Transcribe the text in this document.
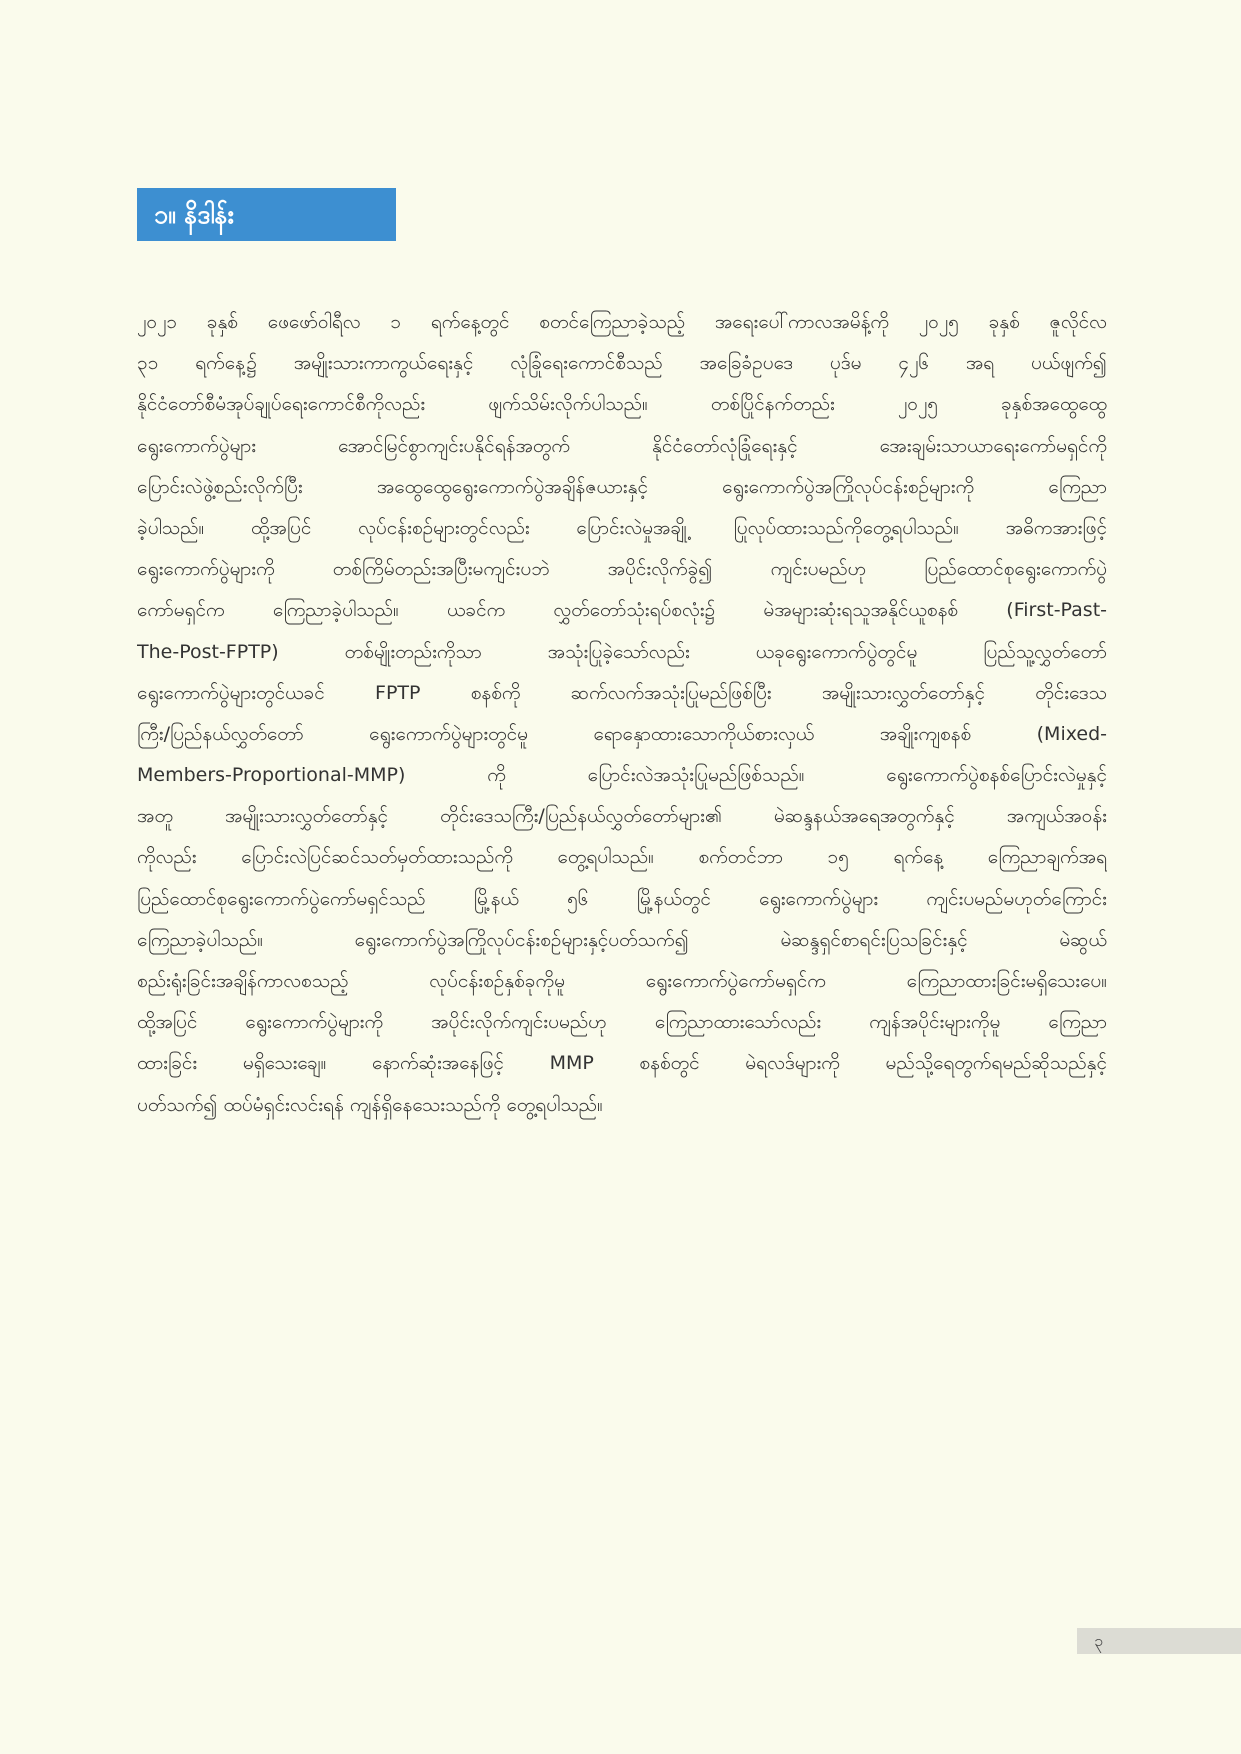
၁။ နိဒါန်း
၂၀၂၁ ခုနှစ် ဖေဖော်ဝါရီလ ၁ ရက်နေ့တွင် စတင်ကြေညာခဲ့သည့် အရေးပေါ်ကာလအမိန့်ကို ၂၀၂၅ ခုနှစ် ဇူလိုင်လ
၃၁ ရက်နေ့၌ အမျိုးသားကာကွယ်ရေးနှင့် လုံခြုံရေးကောင်စီသည် အခြေခံဥပဒေ ပုဒ်မ ၄၂၆ အရ ပယ်ဖျက်၍
နိုင်ငံတော်စီမံအုပ်ချုပ်ရေးကောင်စီကိုလည်း ဖျက်သိမ်းလိုက်ပါသည်။ တစ်ပြိုင်နက်တည်း ၂၀၂၅ ခုနှစ်အထွေထွေ
ရွေးကောက်ပွဲများ အောင်မြင်စွာကျင်းပနိုင်ရန်အတွက် နိုင်ငံတော်လုံခြုံရေးနှင့် အေးချမ်းသာယာရေးကော်မရှင်ကို
ပြောင်းလဲဖွဲ့စည်းလိုက်ပြီး အထွေထွေရွေးကောက်ပွဲအချိန်ဇယားနှင့် ရွေးကောက်ပွဲအကြိုလုပ်ငန်းစဉ်များကို ကြေညာ
ခဲ့ပါသည်။ ထို့အပြင် လုပ်ငန်းစဉ်များတွင်လည်း ပြောင်းလဲမှုအချို့ ပြုလုပ်ထားသည်ကိုတွေ့ရပါသည်။ အဓိကအားဖြင့်
ရွေးကောက်ပွဲများကို တစ်ကြိမ်တည်းအပြီးမကျင်းပဘဲ အပိုင်းလိုက်ခွဲ၍ ကျင်းပမည်ဟု ပြည်ထောင်စုရွေးကောက်ပွဲ
ကော်မရှင်က ကြေညာခဲ့ပါသည်။ ယခင်က လွှတ်တော်သုံးရပ်စလုံး၌ မဲအများဆုံးရသူအနိုင်ယူစနစ် (First-Past-
The-Post-FPTP) တစ်မျိုးတည်းကိုသာ အသုံးပြုခဲ့သော်လည်း ယခုရွေးကောက်ပွဲတွင်မူ ပြည်သူ့လွှတ်တော်
ရွေးကောက်ပွဲများတွင်ယခင် FPTP စနစ်ကို ဆက်လက်အသုံးပြုမည်ဖြစ်ပြီး အမျိုးသားလွှတ်တော်နှင့် တိုင်းဒေသ
ကြီး/ပြည်နယ်လွှတ်တော် ရွေးကောက်ပွဲများတွင်မူ ရောနှောထားသောကိုယ်စားလှယ် အချိုးကျစနစ် (Mixed-
Members-Proportional-MMP) ကို ပြောင်းလဲအသုံးပြုမည်ဖြစ်သည်။ ရွေးကောက်ပွဲစနစ်ပြောင်းလဲမှုနှင့်
အတူ အမျိုးသားလွှတ်တော်နှင့် တိုင်းဒေသကြီး/ပြည်နယ်လွှတ်တော်များ၏ မဲဆန္ဒနယ်အရေအတွက်နှင့် အကျယ်အဝန်း
ကိုလည်း ပြောင်းလဲပြင်ဆင်သတ်မှတ်ထားသည်ကို တွေ့ရပါသည်။ စက်တင်ဘာ ၁၅ ရက်နေ့ ကြေညာချက်အရ
ပြည်ထောင်စုရွေးကောက်ပွဲကော်မရှင်သည် မြို့နယ် ၅၆ မြို့နယ်တွင် ရွေးကောက်ပွဲများ ကျင်းပမည်မဟုတ်ကြောင်း
ကြေညာခဲ့ပါသည်။ ရွေးကောက်ပွဲအကြိုလုပ်ငန်းစဉ်များနှင့်ပတ်သက်၍ မဲဆန္ဒရှင်စာရင်းပြသခြင်းနှင့် မဲဆွယ်
စည်းရုံးခြင်းအချိန်ကာလစသည့် လုပ်ငန်းစဉ်နှစ်ခုကိုမူ ရွေးကောက်ပွဲကော်မရှင်က ကြေညာထားခြင်းမရှိသေးပေ။
ထို့အပြင် ရွေးကောက်ပွဲများကို အပိုင်းလိုက်ကျင်းပမည်ဟု ကြေညာထားသော်လည်း ကျန်အပိုင်းများကိုမူ ကြေညာ
ထားခြင်း မရှိသေးချေ။ နောက်ဆုံးအနေဖြင့် MMP စနစ်တွင် မဲရလဒ်များကို မည်သို့ရေတွက်ရမည်ဆိုသည်နှင့်
ပတ်သက်၍ ထပ်မံရှင်းလင်းရန် ကျန်ရှိနေသေးသည်ကို တွေ့ရပါသည်။
၃
